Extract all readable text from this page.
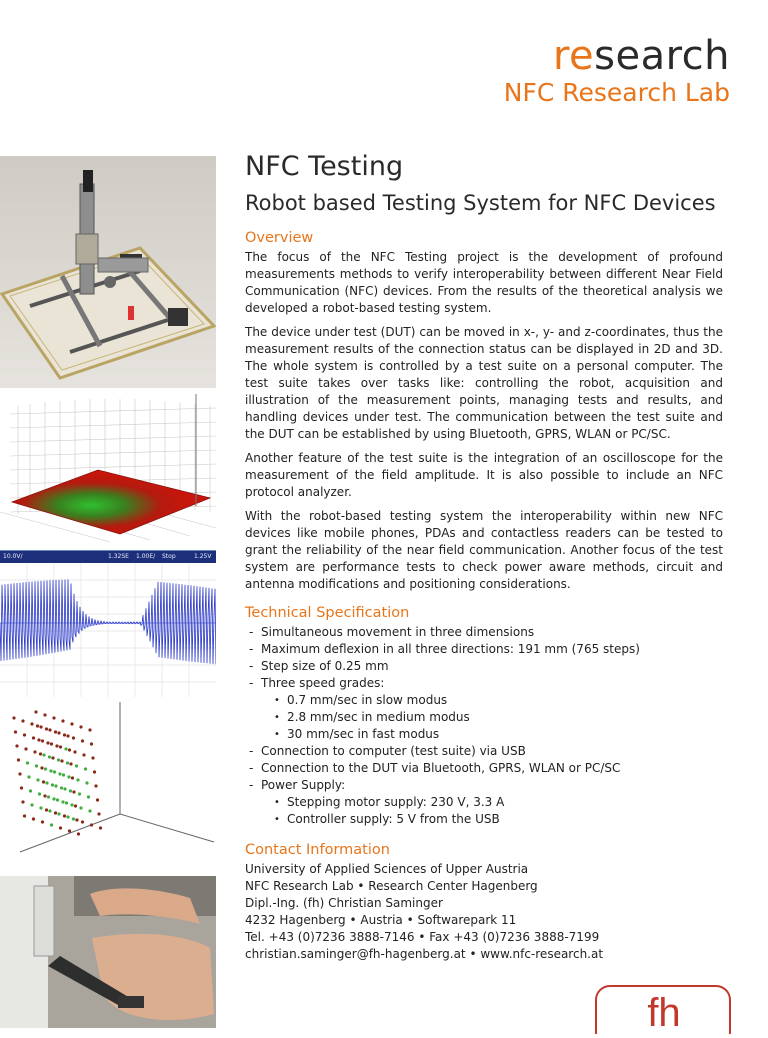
research
NFC Research Lab
10.0V/	1.32SE 1.00E/ Stop	1.25V
NFC Testing
Robot based Testing System for NFC Devices
Overview

The focus of the NFC Testing project is the development of profound measurements methods to verify interoperability between different Near Field Communication (NFC) devices. From the results of the theoretical analysis we developed a robot-based testing system.

The device under test (DUT) can be moved in x-, y- and z-coordinates, thus the measurement results of the connection status can be displayed in 2D and 3D. The whole system is controlled by a test suite on a personal computer. The test suite takes over tasks like: controlling the robot, acquisition and illustration of the measurement points, managing tests and results, and handling devices under test. The communication between the test suite and the DUT can be established by using Bluetooth, GPRS, WLAN or PC/SC.

Another feature of the test suite is the integration of an oscilloscope for the measurement of the field amplitude. It is also possible to include an NFC protocol analyzer.

With the robot-based testing system the interoperability within new NFC devices like mobile phones, PDAs and contactless readers can be tested to grant the reliability of the near field communication. Another focus of the test system are performance tests to check power aware methods, circuit and antenna modifications and positioning considerations.

Technical Specification
- Simultaneous movement in three dimensions
- Maximum deflexion in all three directions: 191 mm (765 steps)
- Step size of 0.25 mm
- Three speed grades:
• 0.7 mm/sec in slow modus
• 2.8 mm/sec in medium modus
• 30 mm/sec in fast modus
- Connection to computer (test suite) via USB
- Connection to the DUT via Bluetooth, GPRS, WLAN or PC/SC
- Power Supply:
• Stepping motor supply: 230 V, 3.3 A
• Controller supply: 5 V from the USB
Contact Information
University of Applied Sciences of Upper Austria
NFC Research Lab • Research Center Hagenberg
Dipl.-Ing. (fh) Christian Saminger
4232 Hagenberg • Austria • Softwarepark 11
Tel. +43 (0)7236 3888-7146 • Fax +43 (0)7236 3888-7199
christian.saminger@fh-hagenberg.at • www.nfc-research.at
fh
